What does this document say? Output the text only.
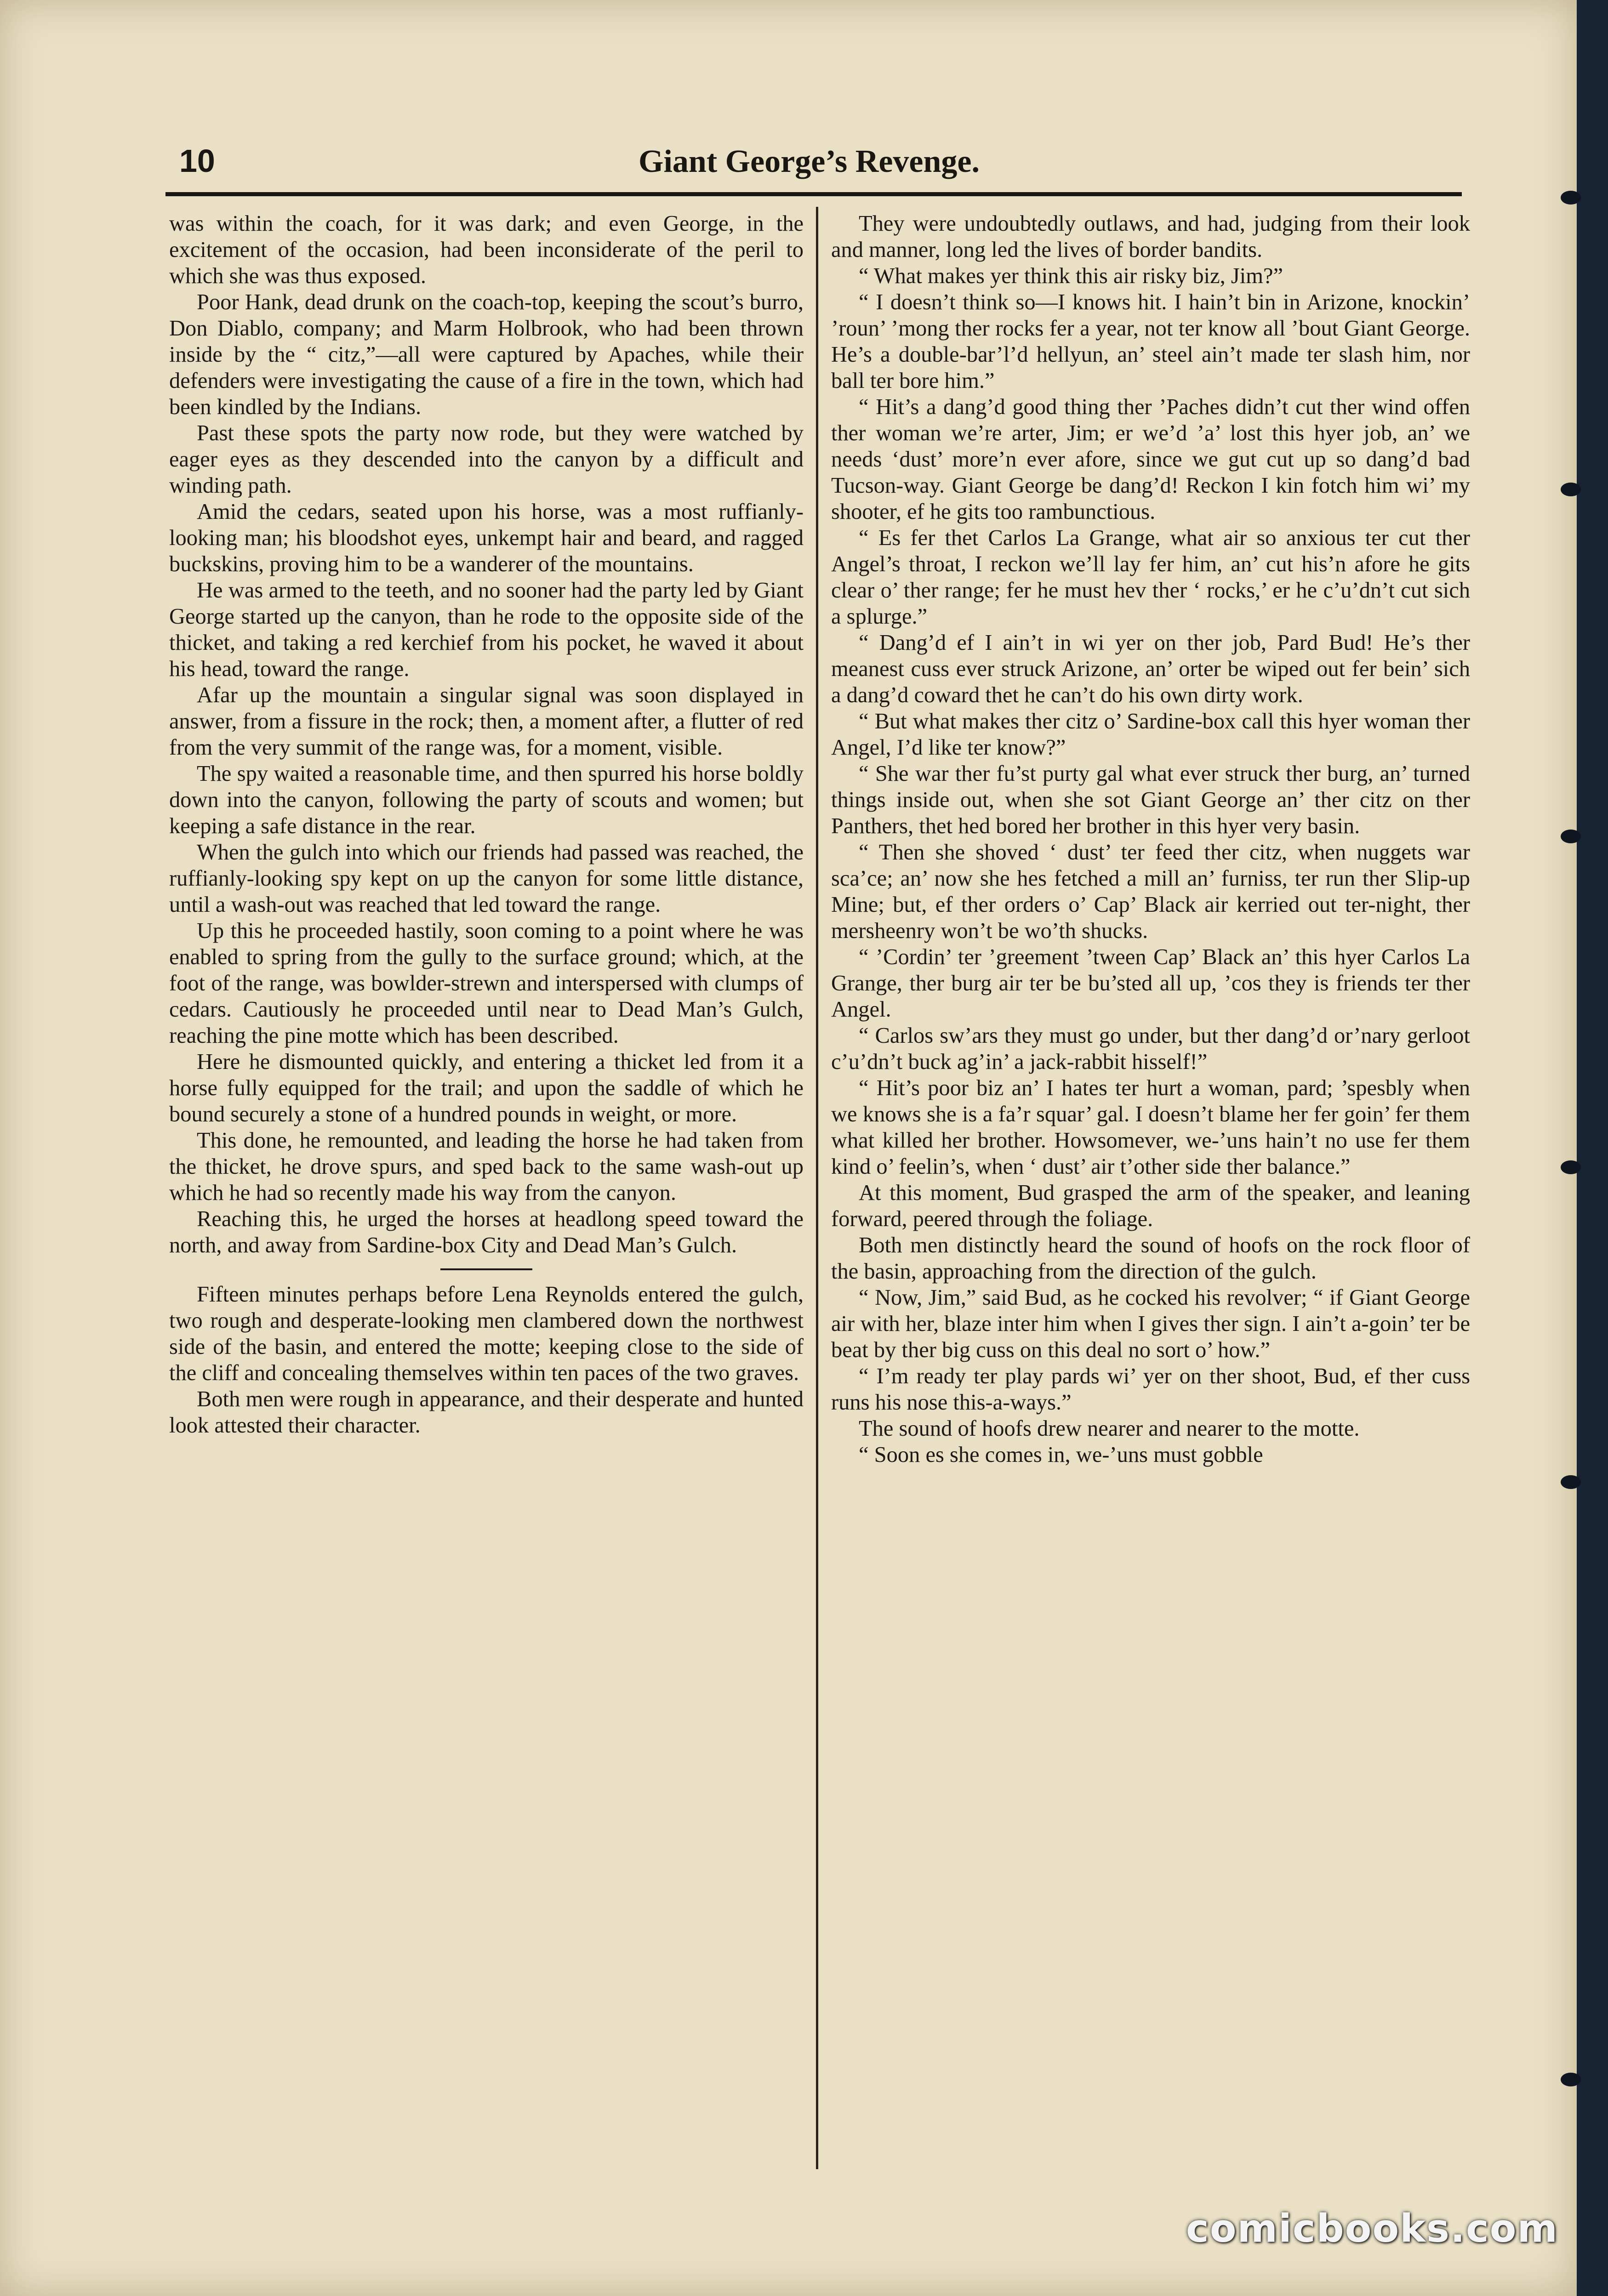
10	Giant George’s Revenge.

was within the coach, for it was dark; and even George, in the excitement of the occasion, had been inconsiderate of the peril to which she was thus exposed.

Poor Hank, dead drunk on the coach-top, keeping the scout’s burro, Don Diablo, company; and Marm Holbrook, who had been thrown inside by the “ citz,”—all were captured by Apaches, while their defenders were investigating the cause of a fire in the town, which had been kindled by the Indians.

Past these spots the party now rode, but they were watched by eager eyes as they descended into the canyon by a difficult and winding path.

Amid the cedars, seated upon his horse, was a most ruffianly-looking man; his bloodshot eyes, unkempt hair and beard, and ragged buckskins, proving him to be a wanderer of the mountains.

He was armed to the teeth, and no sooner had the party led by Giant George started up the canyon, than he rode to the opposite side of the thicket, and taking a red kerchief from his pocket, he waved it about his head, toward the range.

Afar up the mountain a singular signal was soon displayed in answer, from a fissure in the rock; then, a moment after, a flutter of red from the very summit of the range was, for a moment, visible.

The spy waited a reasonable time, and then spurred his horse boldly down into the canyon, following the party of scouts and women; but keeping a safe distance in the rear.

When the gulch into which our friends had passed was reached, the ruffianly-looking spy kept on up the canyon for some little distance, until a wash-out was reached that led toward the range.

Up this he proceeded hastily, soon coming to a point where he was enabled to spring from the gully to the surface ground; which, at the foot of the range, was bowlder-strewn and interspersed with clumps of cedars. Cautiously he proceeded until near to Dead Man’s Gulch, reaching the pine motte which has been described.

Here he dismounted quickly, and entering a thicket led from it a horse fully equipped for the trail; and upon the saddle of which he bound securely a stone of a hundred pounds in weight, or more.

This done, he remounted, and leading the horse he had taken from the thicket, he drove spurs, and sped back to the same wash-out up which he had so recently made his way from the canyon.

Reaching this, he urged the horses at headlong speed toward the north, and away from Sardine-box City and Dead Man’s Gulch.

Fifteen minutes perhaps before Lena Reynolds entered the gulch, two rough and desperate-looking men clambered down the northwest side of the basin, and entered the motte; keeping close to the side of the cliff and concealing themselves within ten paces of the two graves.

Both men were rough in appearance, and their desperate and hunted look attested their character.

They were undoubtedly outlaws, and had, judging from their look and manner, long led the lives of border bandits.

“ What makes yer think this air risky biz, Jim?”

“ I doesn’t think so—I knows hit. I hain’t bin in Arizone, knockin’ ’roun’ ’mong ther rocks fer a year, not ter know all ’bout Giant George. He’s a double-bar’l’d hellyun, an’ steel ain’t made ter slash him, nor ball ter bore him.”

“ Hit’s a dang’d good thing ther ’Paches didn’t cut ther wind offen ther woman we’re arter, Jim; er we’d ’a’ lost this hyer job, an’ we needs ‘dust’ more’n ever afore, since we gut cut up so dang’d bad Tucson-way. Giant George be dang’d! Reckon I kin fotch him wi’ my shooter, ef he gits too rambunctious.

“ Es fer thet Carlos La Grange, what air so anxious ter cut ther Angel’s throat, I reckon we’ll lay fer him, an’ cut his’n afore he gits clear o’ ther range; fer he must hev ther ‘ rocks,’ er he c’u’dn’t cut sich a splurge.”

“ Dang’d ef I ain’t in wi yer on ther job, Pard Bud! He’s ther meanest cuss ever struck Arizone, an’ orter be wiped out fer bein’ sich a dang’d coward thet he can’t do his own dirty work.

“ But what makes ther citz o’ Sardine-box call this hyer woman ther Angel, I’d like ter know?”

“ She war ther fu’st purty gal what ever struck ther burg, an’ turned things inside out, when she sot Giant George an’ ther citz on ther Panthers, thet hed bored her brother in this hyer very basin.

“ Then she shoved ‘ dust’ ter feed ther citz, when nuggets war sca’ce; an’ now she hes fetched a mill an’ furniss, ter run ther Slip-up Mine; but, ef ther orders o’ Cap’ Black air kerried out ter-night, ther mersheenry won’t be wo’th shucks.

“ ’Cordin’ ter ’greement ’tween Cap’ Black an’ this hyer Carlos La Grange, ther burg air ter be bu’sted all up, ’cos they is friends ter ther Angel.

“ Carlos sw’ars they must go under, but ther dang’d or’nary gerloot c’u’dn’t buck ag’in’ a jack-rabbit hisself!”

“ Hit’s poor biz an’ I hates ter hurt a woman, pard; ’spesbly when we knows she is a fa’r squar’ gal. I doesn’t blame her fer goin’ fer them what killed her brother. Howsomever, we-’uns hain’t no use fer them kind o’ feelin’s, when ‘ dust’ air t’other side ther balance.”

At this moment, Bud grasped the arm of the speaker, and leaning forward, peered through the foliage.

Both men distinctly heard the sound of hoofs on the rock floor of the basin, approaching from the direction of the gulch.

“ Now, Jim,” said Bud, as he cocked his revolver; “ if Giant George air with her, blaze inter him when I gives ther sign. I ain’t a-goin’ ter be beat by ther big cuss on this deal no sort o’ how.”

“ I’m ready ter play pards wi’ yer on ther shoot, Bud, ef ther cuss runs his nose this-a-ways.”

The sound of hoofs drew nearer and nearer to the motte.

“ Soon es she comes in, we-’uns must gobble

comicbooks.com
